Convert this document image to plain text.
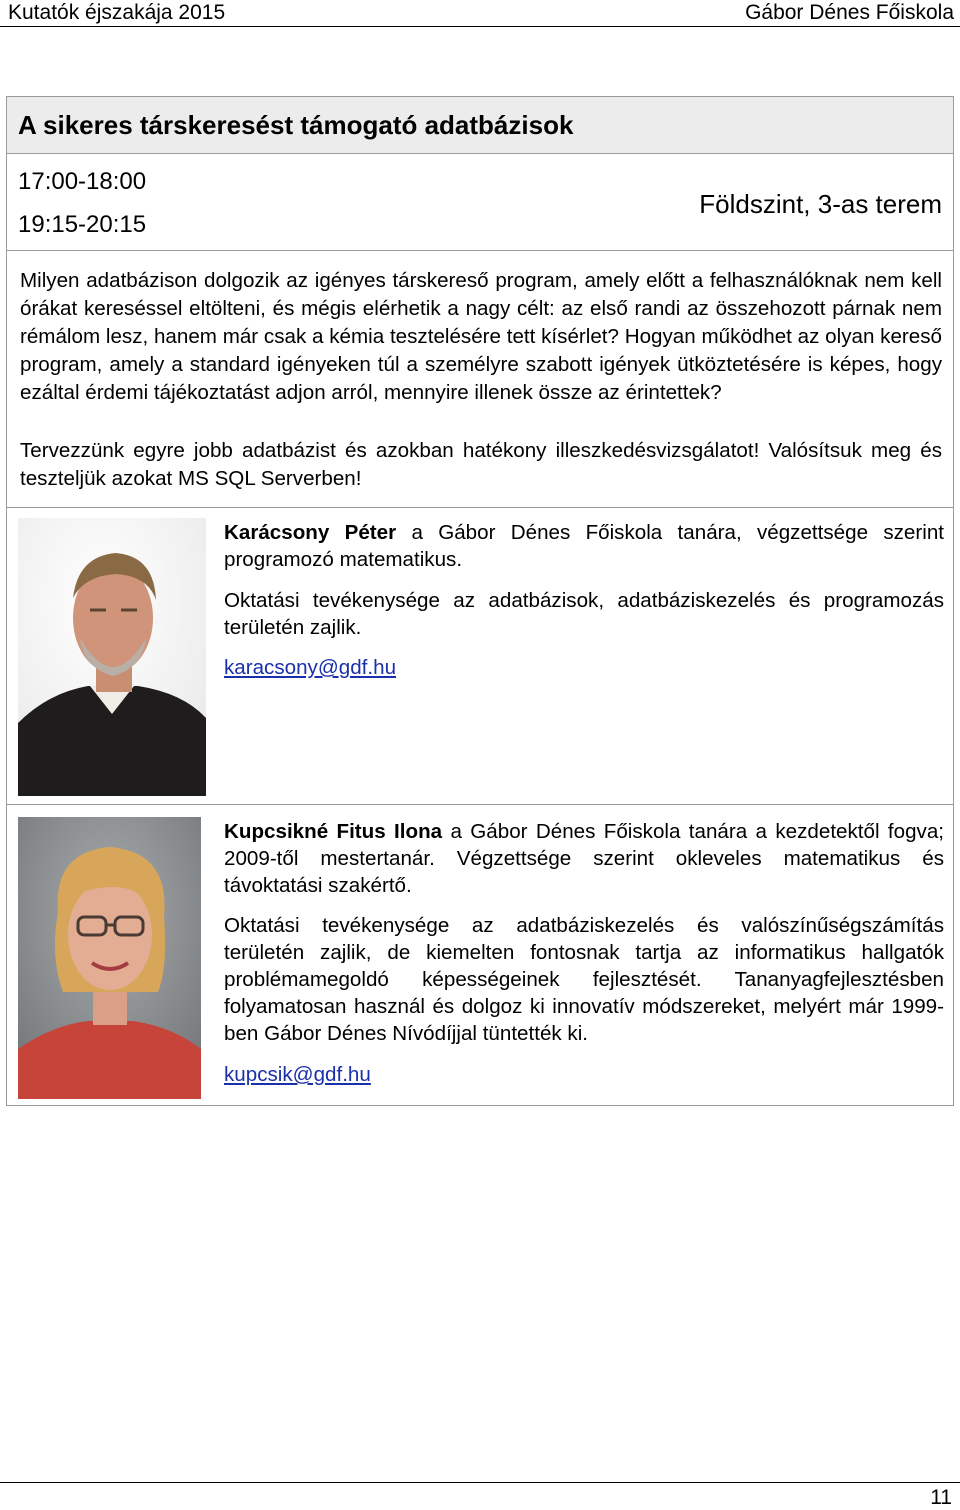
Kutatók éjszakája 2015	Gábor Dénes Főiskola
A sikeres társkeresést támogató adatbázisok
17:00-18:00
19:15-20:15
Földszint, 3-as terem

Milyen adatbázison dolgozik az igényes társkereső program, amely előtt a felhasználóknak nem kell órákat kereséssel eltölteni, és mégis elérhetik a nagy célt: az első randi az összehozott párnak nem rémálom lesz, hanem már csak a kémia tesztelésére tett kísérlet? Hogyan működhet az olyan kereső program, amely a standard igényeken túl a személyre szabott igények ütköztetésére is képes, hogy ezáltal érdemi tájékoztatást adjon arról, mennyire illenek össze az érintettek?

Tervezzünk egyre jobb adatbázist és azokban hatékony illeszkedésvizsgálatot! Valósítsuk meg és teszteljük azokat MS SQL Serverben!

Karácsony Péter a Gábor Dénes Főiskola tanára, végzettsége szerint programozó matematikus.

Oktatási tevékenysége az adatbázisok, adatbáziskezelés és programozás területén zajlik.

karacsony@gdf.hu

Kupcsikné Fitus Ilona a Gábor Dénes Főiskola tanára a kezdetektől fogva; 2009-től mestertanár. Végzettsége szerint okleveles matematikus és távoktatási szakértő.

Oktatási tevékenysége az adatbáziskezelés és valószínűségszámítás területén zajlik, de kiemelten fontosnak tartja az informatikus hallgatók problémamegoldó képességeinek fejlesztését. Tananyagfejlesztésben folyamatosan használ és dolgoz ki innovatív módszereket, melyért már 1999-ben Gábor Dénes Nívódíjjal tüntették ki.

kupcsik@gdf.hu

11
